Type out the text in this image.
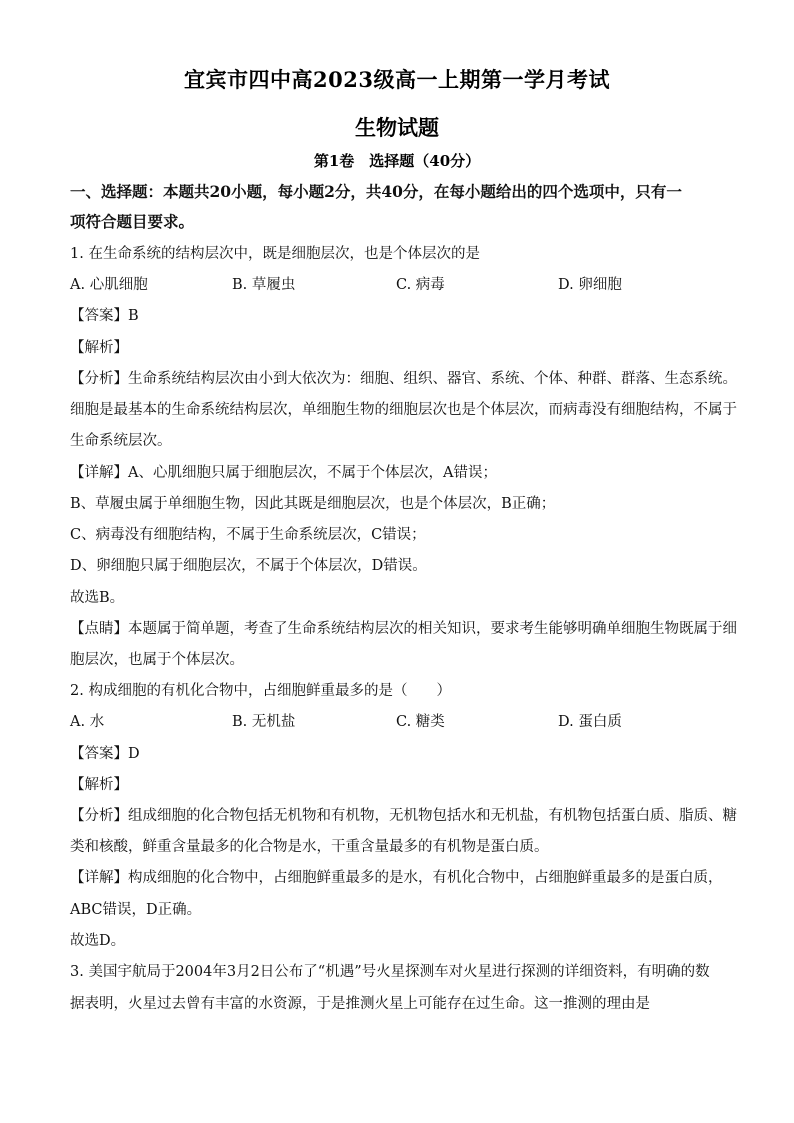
宜宾市四中高2023级高一上期第一学月考试
生物试题
第1卷　选择题（40分）
一、选择题：本题共20小题，每小题2分，共40分，在每小题给出的四个选项中，只有一
项符合题目要求。
1. 在生命系统的结构层次中，既是细胞层次，也是个体层次的是
A. 心肌细胞	B. 草履虫	C. 病毒	D. 卵细胞
【答案】B
【解析】
【分析】生命系统结构层次由小到大依次为：细胞、组织、器官、系统、个体、种群、群落、生态系统。
细胞是最基本的生命系统结构层次，单细胞生物的细胞层次也是个体层次，而病毒没有细胞结构，不属于
生命系统层次。
【详解】A、心肌细胞只属于细胞层次，不属于个体层次，A错误；
B、草履虫属于单细胞生物，因此其既是细胞层次，也是个体层次，B正确；
C、病毒没有细胞结构，不属于生命系统层次，C错误；
D、卵细胞只属于细胞层次，不属于个体层次，D错误。
故选B。
【点睛】本题属于简单题，考查了生命系统结构层次的相关知识，要求考生能够明确单细胞生物既属于细
胞层次，也属于个体层次。
2. 构成细胞的有机化合物中，占细胞鲜重最多的是（　　）
A. 水	B. 无机盐	C. 糖类	D. 蛋白质
【答案】D
【解析】
【分析】组成细胞的化合物包括无机物和有机物，无机物包括水和无机盐，有机物包括蛋白质、脂质、糖
类和核酸，鲜重含量最多的化合物是水，干重含量最多的有机物是蛋白质。
【详解】构成细胞的化合物中，占细胞鲜重最多的是水，有机化合物中，占细胞鲜重最多的是蛋白质，
ABC错误，D正确。
故选D。
3. 美国宇航局于2004年3月2日公布了“机遇”号火星探测车对火星进行探测的详细资料，有明确的数
据表明，火星过去曾有丰富的水资源，于是推测火星上可能存在过生命。这一推测的理由是
